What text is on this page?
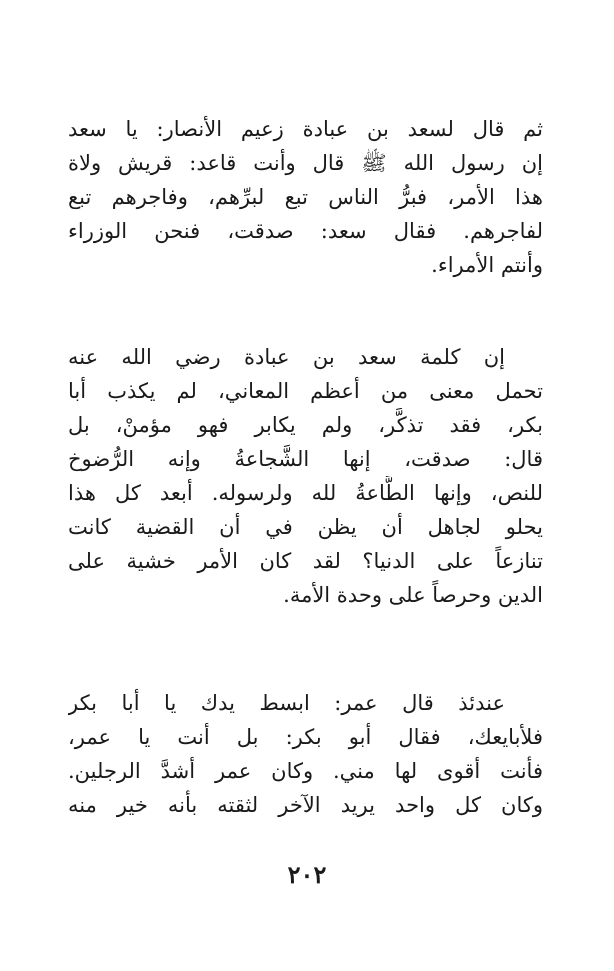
ثم قال لسعد بن عبادة زعيم الأنصار: يا سعد
إن رسول الله ﷺ قال وأنت قاعد: قريش ولاة
هذا الأمر، فبرُّ الناس تبع لبرِّهم، وفاجرهم تبع
لفاجرهم. فقال سعد: صدقت، فنحن الوزراء
وأنتم الأمراء.

إن كلمة سعد بن عبادة رضي الله عنه
تحمل معنى من أعظم المعاني، لم يكذب أبا
بكر، فقد تذكَّر، ولم يكابر فهو مؤمنْ، بل
قال: صدقت، إنها الشَّجاعةُ وإنه الرُّضوخ
للنص، وإنها الطَّاعةُ لله ولرسوله. أبعد كل هذا
يحلو لجاهل أن يظن في أن القضية كانت
تنازعاً على الدنيا؟ لقد كان الأمر خشية على
الدين وحرصاً على وحدة الأمة.

عندئذ قال عمر: ابسط يدك يا أبا بكر
فلأبايعك، فقال أبو بكر: بل أنت يا عمر،
فأنت أقوى لها مني. وكان عمر أشدَّ الرجلين.
وكان كل واحد يريد الآخر لثقته بأنه خير منه

٢٠٢
